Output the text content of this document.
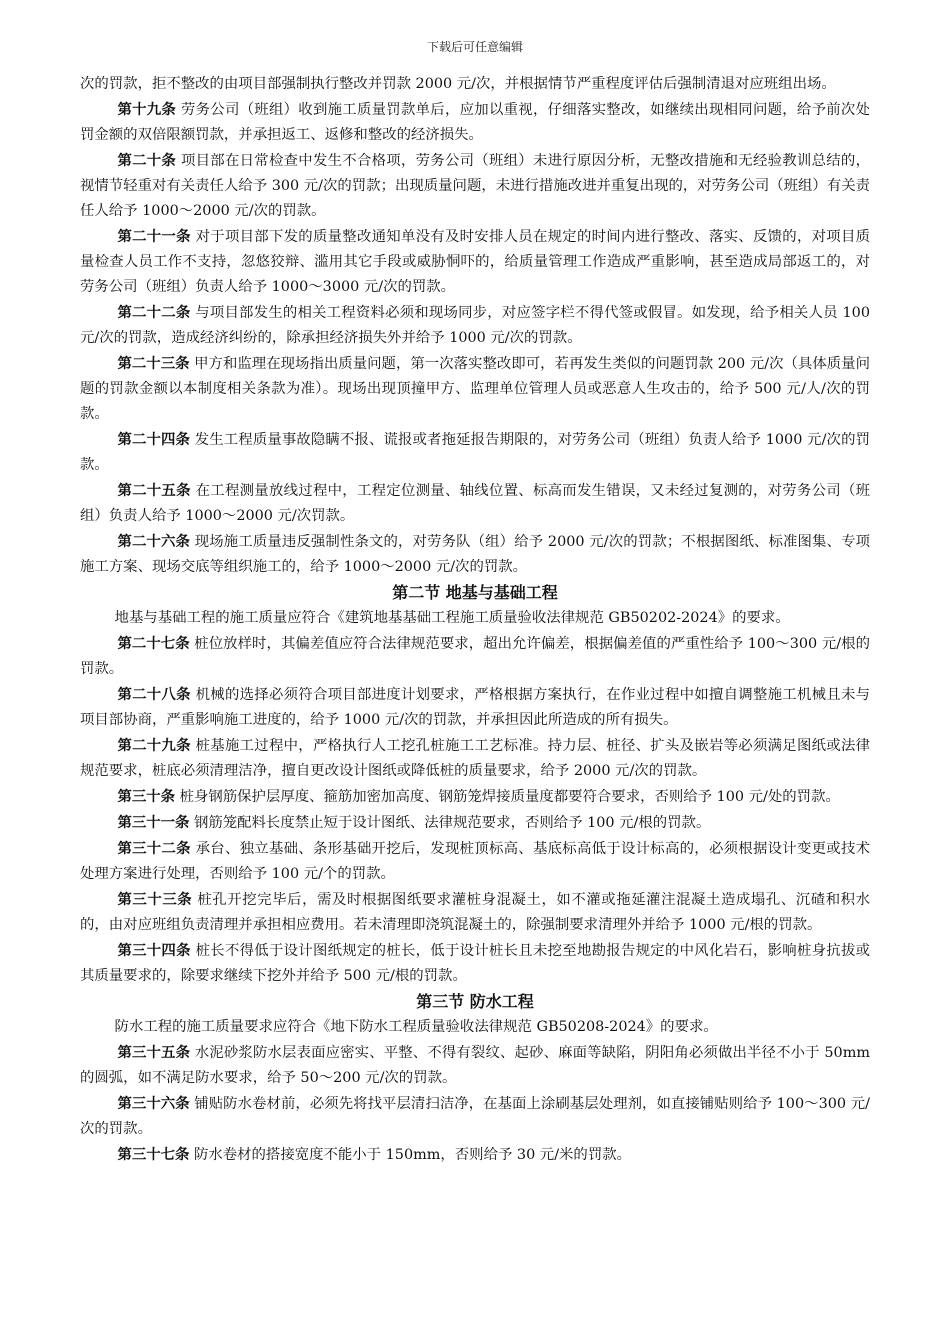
下载后可任意编辑

次的罚款，拒不整改的由项目部强制执行整改并罚款 2000 元/次，并根据情节严重程度评估后强制清退对应班组出场。

第十九条 劳务公司（班组）收到施工质量罚款单后，应加以重视，仔细落实整改，如继续出现相同问题，给予前次处罚金额的双倍限额罚款，并承担返工、返修和整改的经济损失。

第二十条 项目部在日常检查中发生不合格项，劳务公司（班组）未进行原因分析，无整改措施和无经验教训总结的，视情节轻重对有关责任人给予 300 元/次的罚款；出现质量问题，未进行措施改进并重复出现的，对劳务公司（班组）有关责任人给予 1000～2000 元/次的罚款。

第二十一条 对于项目部下发的质量整改通知单没有及时安排人员在规定的时间内进行整改、落实、反馈的，对项目质量检查人员工作不支持，忽悠狡辩、滥用其它手段或威胁恫吓的，给质量管理工作造成严重影响，甚至造成局部返工的，对劳务公司（班组）负责人给予 1000～3000 元/次的罚款。

第二十二条 与项目部发生的相关工程资料必须和现场同步，对应签字栏不得代签或假冒。如发现，给予相关人员 100 元/次的罚款，造成经济纠纷的，除承担经济损失外并给予 1000 元/次的罚款。

第二十三条 甲方和监理在现场指出质量问题，第一次落实整改即可，若再发生类似的问题罚款 200 元/次（具体质量问题的罚款金额以本制度相关条款为准）。现场出现顶撞甲方、监理单位管理人员或恶意人生攻击的，给予 500 元/人/次的罚款。

第二十四条 发生工程质量事故隐瞒不报、谎报或者拖延报告期限的，对劳务公司（班组）负责人给予 1000 元/次的罚款。

第二十五条 在工程测量放线过程中，工程定位测量、轴线位置、标高而发生错误，又未经过复测的，对劳务公司（班组）负责人给予 1000～2000 元/次罚款。

第二十六条 现场施工质量违反强制性条文的，对劳务队（组）给予 2000 元/次的罚款；不根据图纸、标准图集、专项施工方案、现场交底等组织施工的，给予 1000～2000 元/次的罚款。

第二节 地基与基础工程

地基与基础工程的施工质量应符合《建筑地基基础工程施工质量验收法律规范 GB50202-2024》的要求。

第二十七条 桩位放样时，其偏差值应符合法律规范要求，超出允许偏差，根据偏差值的严重性给予 100～300 元/根的罚款。

第二十八条 机械的选择必须符合项目部进度计划要求，严格根据方案执行，在作业过程中如擅自调整施工机械且未与项目部协商，严重影响施工进度的，给予 1000 元/次的罚款，并承担因此所造成的所有损失。

第二十九条 桩基施工过程中，严格执行人工挖孔桩施工工艺标准。持力层、桩径、扩头及嵌岩等必须满足图纸或法律规范要求，桩底必须清理洁净，擅自更改设计图纸或降低桩的质量要求，给予 2000 元/次的罚款。

第三十条 桩身钢筋保护层厚度、箍筋加密加高度、钢筋笼焊接质量度都要符合要求，否则给予 100 元/处的罚款。

第三十一条 钢筋笼配料长度禁止短于设计图纸、法律规范要求，否则给予 100 元/根的罚款。

第三十二条 承台、独立基础、条形基础开挖后，发现桩顶标高、基底标高低于设计标高的，必须根据设计变更或技术处理方案进行处理，否则给予 100 元/个的罚款。

第三十三条 桩孔开挖完毕后，需及时根据图纸要求灌桩身混凝土，如不灌或拖延灌注混凝土造成塌孔、沉碴和积水的，由对应班组负责清理并承担相应费用。若未清理即浇筑混凝土的，除强制要求清理外并给予 1000 元/根的罚款。

第三十四条 桩长不得低于设计图纸规定的桩长，低于设计桩长且未挖至地勘报告规定的中风化岩石，影响桩身抗拔或其质量要求的，除要求继续下挖外并给予 500 元/根的罚款。

第三节 防水工程

防水工程的施工质量要求应符合《地下防水工程质量验收法律规范 GB50208-2024》的要求。

第三十五条 水泥砂浆防水层表面应密实、平整、不得有裂纹、起砂、麻面等缺陷，阴阳角必须做出半径不小于 50mm 的圆弧，如不满足防水要求，给予 50～200 元/次的罚款。

第三十六条 铺贴防水卷材前，必须先将找平层清扫洁净，在基面上涂刷基层处理剂，如直接铺贴则给予 100～300 元/次的罚款。

第三十七条 防水卷材的搭接宽度不能小于 150mm，否则给予 30 元/米的罚款。
